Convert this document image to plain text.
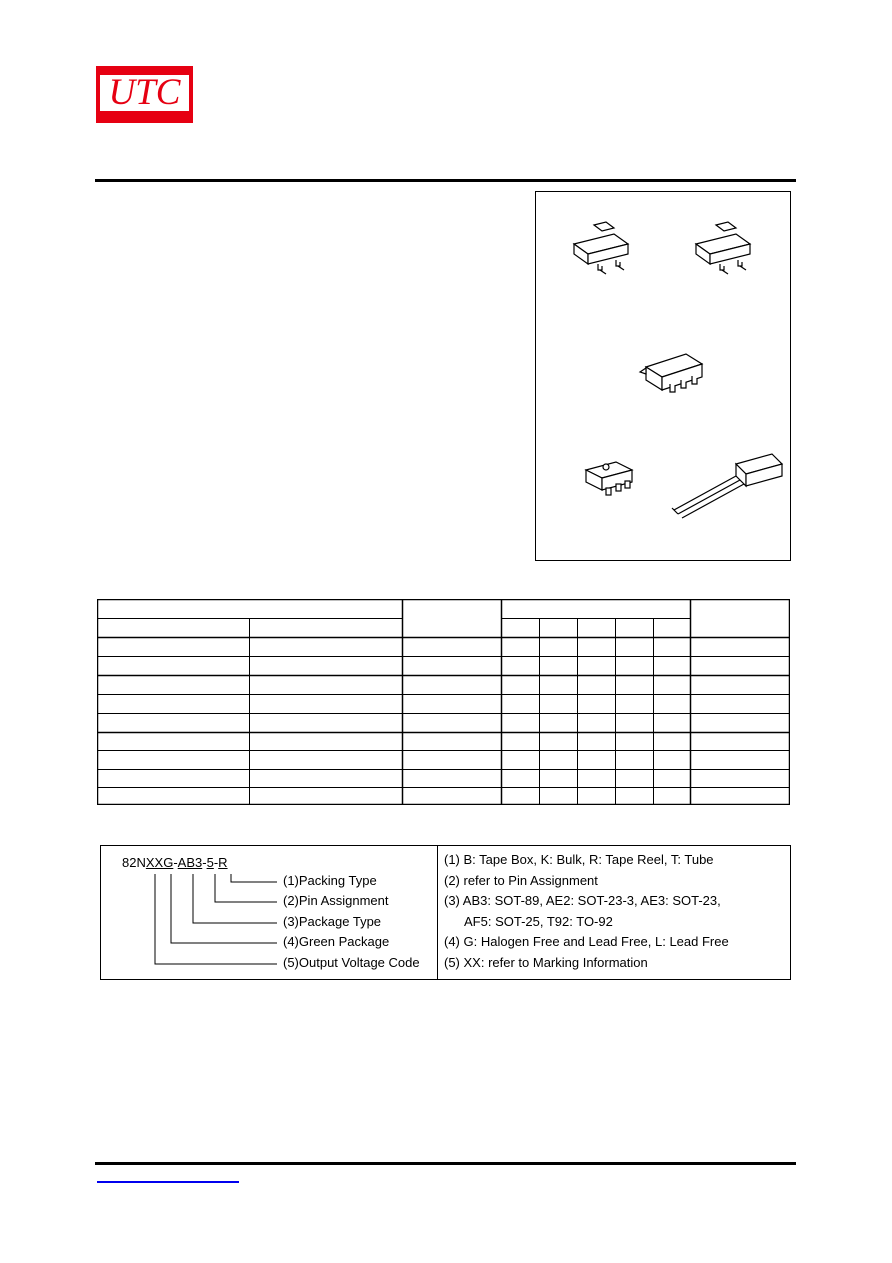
UTC
82NXXG-AB3-5-R
(1)Packing Type
(2)Pin Assignment
(3)Package Type
(4)Green Package
(5)Output Voltage Code
(1) B: Tape Box, K: Bulk, R: Tape Reel, T: Tube
(2) refer to Pin Assignment
(3) AB3: SOT-89, AE2: SOT-23-3, AE3: SOT-23,
AF5: SOT-25, T92: TO-92
(4) G: Halogen Free and Lead Free, L: Lead Free
(5) XX: refer to Marking Information
